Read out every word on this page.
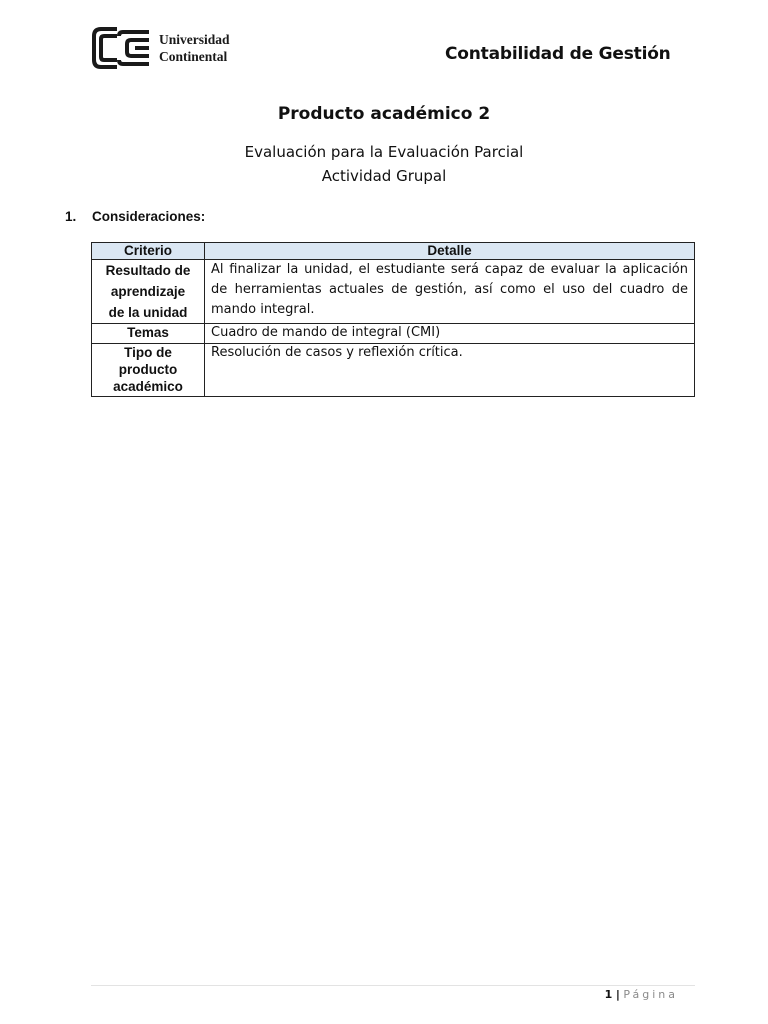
Universidad
Continental	Contabilidad de Gestión
Producto académico 2
Evaluación para la Evaluación Parcial
Actividad Grupal
1. Consideraciones:
Criterio	Detalle

Resultado de
aprendizaje
de la unidad	Al finalizar la unidad, el estudiante será capaz de evaluar la aplicación de herramientas actuales de gestión, así como el uso del cuadro de mando integral.

Temas	Cuadro de mando de integral (CMI)

Tipo de
producto
académico	Resolución de casos y reflexión crítica.
1 | Página
